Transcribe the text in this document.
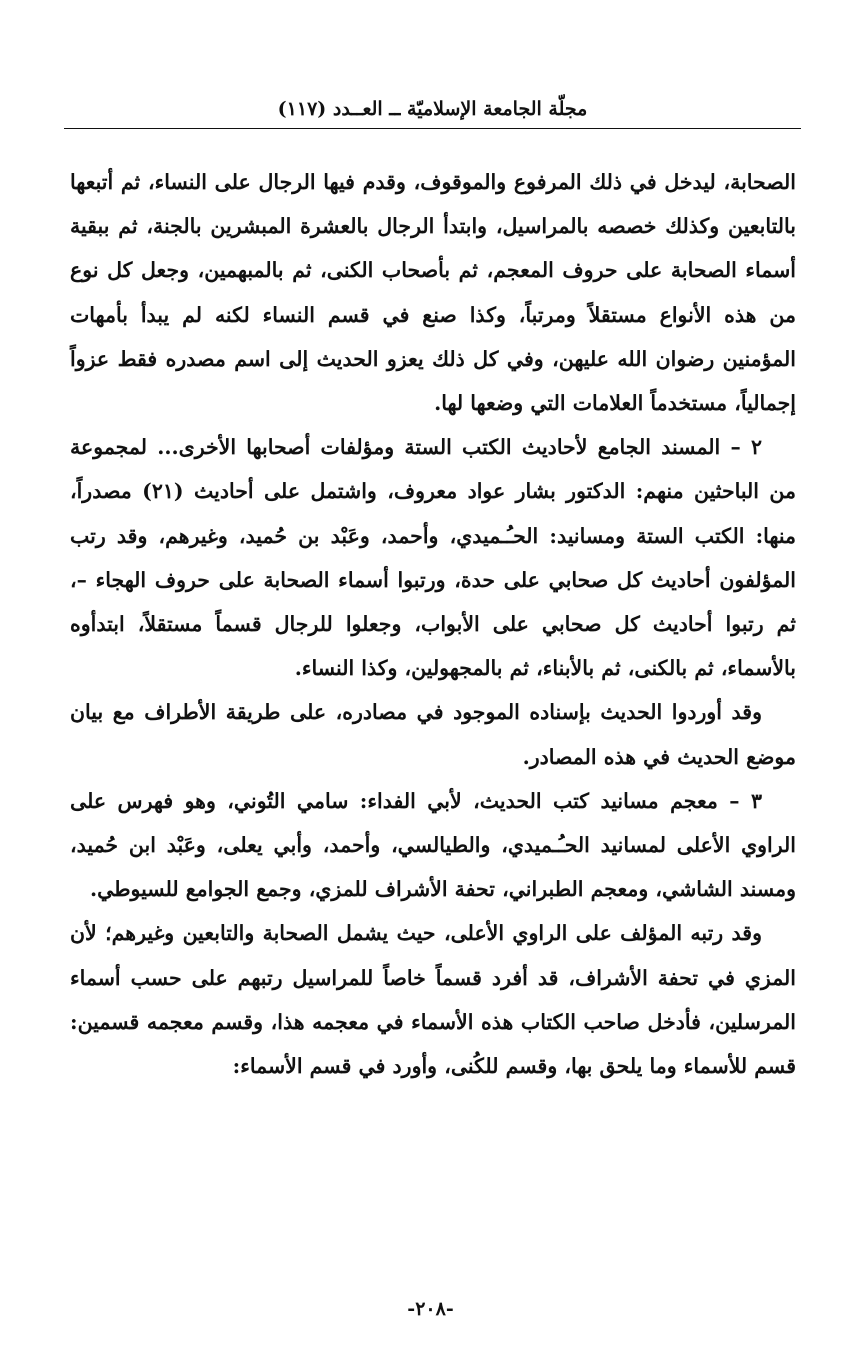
مجلّة الجامعة الإسلاميّة ــ العــدد (١١٧)

الصحابة، ليدخل في ذلك المرفوع والموقوف، وقدم فيها الرجال على النساء، ثم أتبعها بالتابعين وكذلك خصصه بالمراسيل، وابتدأ الرجال بالعشرة المبشرين بالجنة، ثم ببقية أسماء الصحابة على حروف المعجم، ثم بأصحاب الكنى، ثم بالمبهمين، وجعل كل نوع من هذه الأنواع مستقلاً ومرتباً، وكذا صنع في قسم النساء لكنه لم يبدأ بأمهات المؤمنين رضوان الله عليهن، وفي كل ذلك يعزو الحديث إلى اسم مصدره فقط عزواً إجمالياً، مستخدماً العلامات التي وضعها لها.

٢ – المسند الجامع لأحاديث الكتب الستة ومؤلفات أصحابها الأخرى... لمجموعة من الباحثين منهم: الدكتور بشار عواد معروف، واشتمل على أحاديث (٢١) مصدراً، منها: الكتب الستة ومسانيد: الحـُـميدي، وأحمد، وعَبْد بن حُميد، وغيرهم، وقد رتب المؤلفون أحاديث كل صحابي على حدة، ورتبوا أسماء الصحابة على حروف الهجاء –، ثم رتبوا أحاديث كل صحابي على الأبواب، وجعلوا للرجال قسماً مستقلاً، ابتدأوه بالأسماء، ثم بالكنى، ثم بالأبناء، ثم بالمجهولين، وكذا النساء.

وقد أوردوا الحديث بإسناده الموجود في مصادره، على طريقة الأطراف مع بيان موضع الحديث في هذه المصادر.

٣ – معجم مسانيد كتب الحديث، لأبي الفداء: سامي التُوني، وهو فهرس على الراوي الأعلى لمسانيد الحـُـميدي، والطيالسي، وأحمد، وأبي يعلى، وعَبْد ابن حُميد، ومسند الشاشي، ومعجم الطبراني، تحفة الأشراف للمزي، وجمع الجوامع للسيوطي.

وقد رتبه المؤلف على الراوي الأعلى، حيث يشمل الصحابة والتابعين وغيرهم؛ لأن المزي في تحفة الأشراف، قد أفرد قسماً خاصاً للمراسيل رتبهم على حسب أسماء المرسلين، فأدخل صاحب الكتاب هذه الأسماء في معجمه هذا، وقسم معجمه قسمين: قسم للأسماء وما يلحق بها، وقسم للكُنى، وأورد في قسم الأسماء:

-٢٠٨-
